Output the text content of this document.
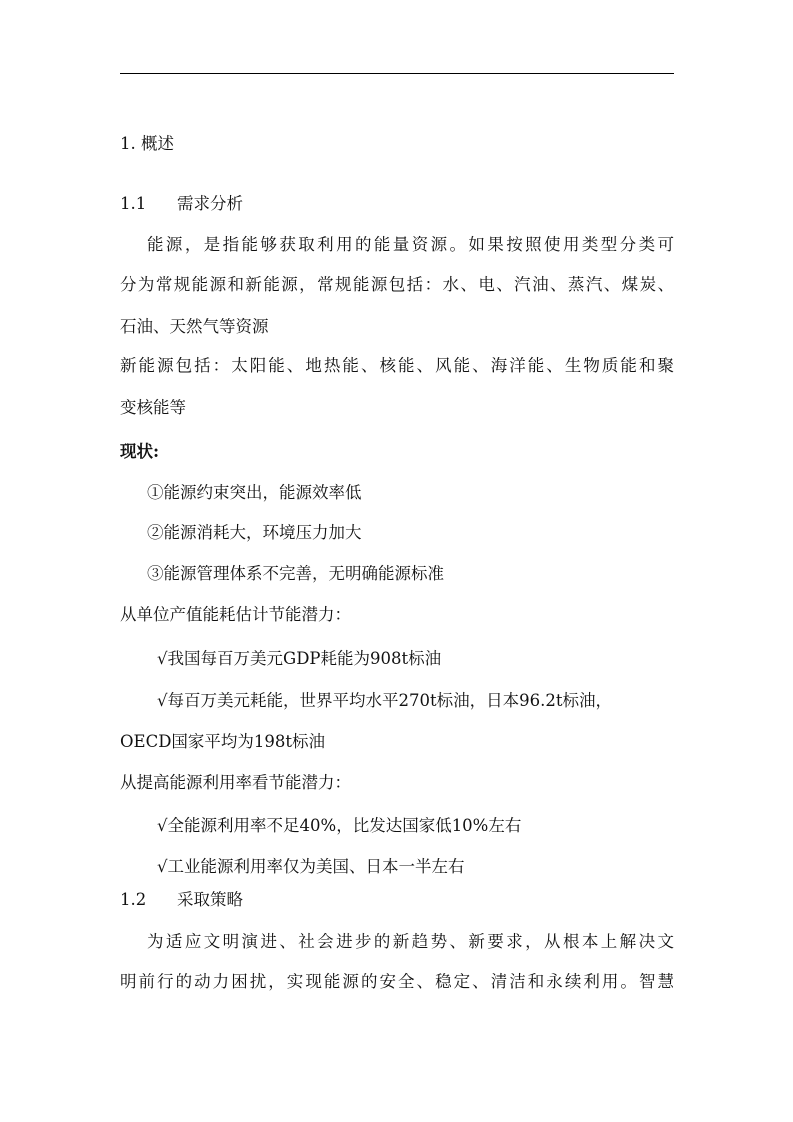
1. 概述
1.1 需求分析
能源，是指能够获取利用的能量资源。如果按照使用类型分类可
分为常规能源和新能源，常规能源包括：水、电、汽油、蒸汽、煤炭、
石油、天然气等资源
新能源包括：太阳能、地热能、核能、风能、海洋能、生物质能和聚
变核能等
现状:
①能源约束突出，能源效率低
②能源消耗大，环境压力加大
③能源管理体系不完善，无明确能源标准
从单位产值能耗估计节能潜力：
√我国每百万美元GDP耗能为908t标油
√每百万美元耗能，世界平均水平270t标油，日本96.2t标油，
OECD国家平均为198t标油
从提高能源利用率看节能潜力：
√全能源利用率不足40%，比发达国家低10%左右
√工业能源利用率仅为美国、日本一半左右
1.2 采取策略
为适应文明演进、社会进步的新趋势、新要求，从根本上解决文
明前行的动力困扰，实现能源的安全、稳定、清洁和永续利用。智慧
